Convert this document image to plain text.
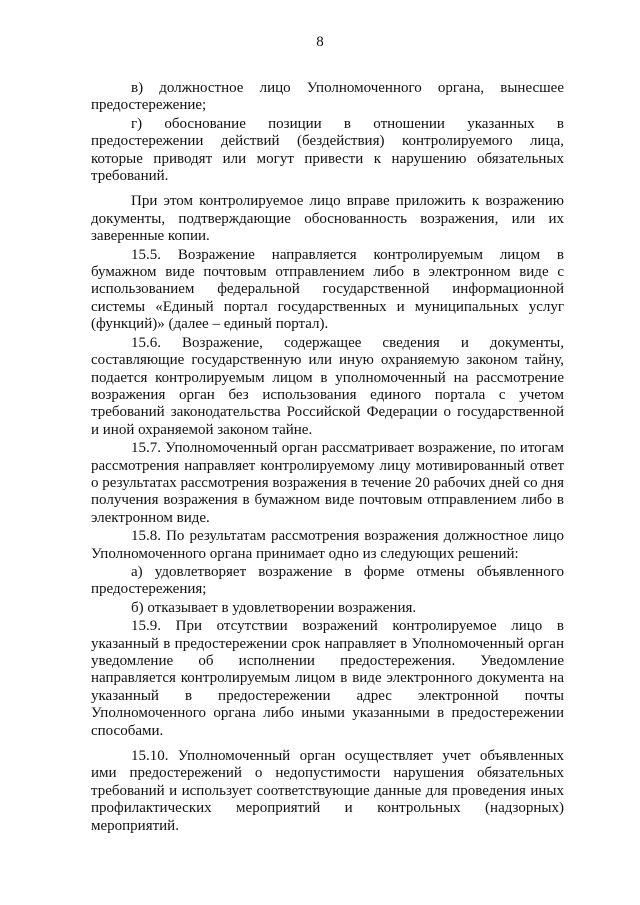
8

в) должностное лицо Уполномоченного органа, вынесшее предостережение;

г) обоснование позиции в отношении указанных в предостережении действий (бездействия) контролируемого лица, которые приводят или могут привести к нарушению обязательных требований.

При этом контролируемое лицо вправе приложить к возражению документы, подтверждающие обоснованность возражения, или их заверенные копии.

15.5. Возражение направляется контролируемым лицом в бумажном виде почтовым отправлением либо в электронном виде с использованием федеральной государственной информационной системы «Единый портал государственных и муниципальных услуг (функций)» (далее – единый портал).

15.6. Возражение, содержащее сведения и документы, составляющие государственную или иную охраняемую законом тайну, подается контролируемым лицом в уполномоченный на рассмотрение возражения орган без использования единого портала с учетом требований законодательства Российской Федерации о государственной и иной охраняемой законом тайне.

15.7. Уполномоченный орган рассматривает возражение, по итогам рассмотрения направляет контролируемому лицу мотивированный ответ о результатах рассмотрения возражения в течение 20 рабочих дней со дня получения возражения в бумажном виде почтовым отправлением либо в электронном виде.

15.8. По результатам рассмотрения возражения должностное лицо Уполномоченного органа принимает одно из следующих решений:

а) удовлетворяет возражение в форме отмены объявленного предостережения;

б) отказывает в удовлетворении возражения.

15.9. При отсутствии возражений контролируемое лицо в указанный в предостережении срок направляет в Уполномоченный орган уведомление об исполнении предостережения. Уведомление направляется контролируемым лицом в виде электронного документа на указанный в предостережении адрес электронной почты Уполномоченного органа либо иными указанными в предостережении способами.

15.10. Уполномоченный орган осуществляет учет объявленных ими предостережений о недопустимости нарушения обязательных требований и использует соответствующие данные для проведения иных профилактических мероприятий и контрольных (надзорных) мероприятий.
